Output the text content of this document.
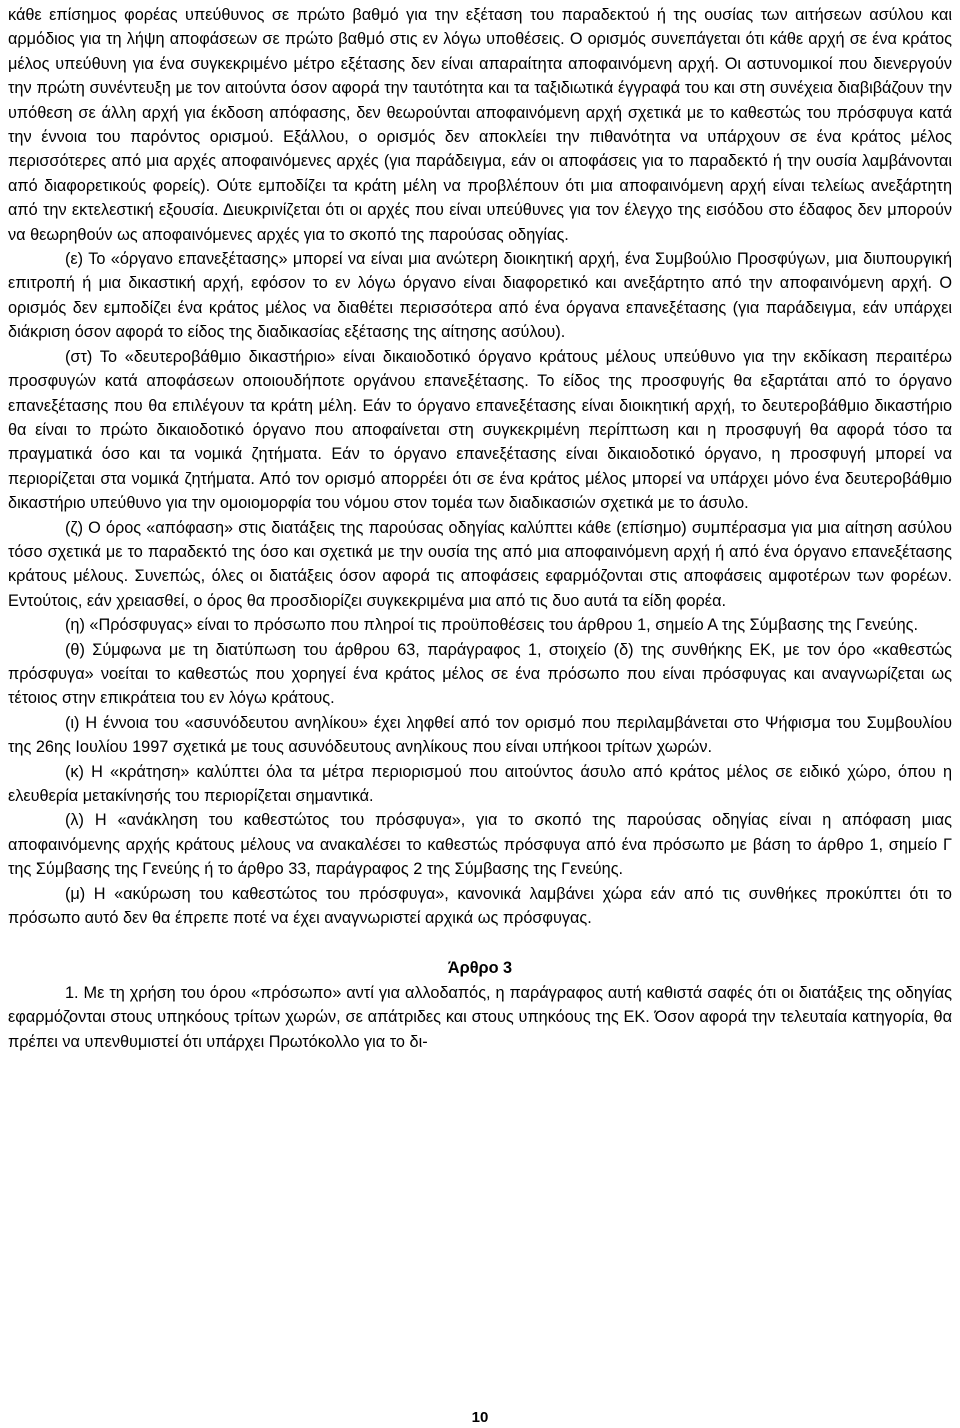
κάθε επίσημος φορέας υπεύθυνος σε πρώτο βαθμό για την εξέταση του παραδεκτού ή της ουσίας των αιτήσεων ασύλου και αρμόδιος για τη λήψη αποφάσεων σε πρώτο βαθμό στις εν λόγω υποθέσεις. Ο ορισμός συνεπάγεται ότι κάθε αρχή σε ένα κράτος μέλος υπεύθυνη για ένα συγκεκριμένο μέτρο εξέτασης δεν είναι απαραίτητα αποφαινόμενη αρχή. Οι αστυνομικοί που διενεργούν την πρώτη συνέντευξη με τον αιτούντα όσον αφορά την ταυτότητα και τα ταξιδιωτικά έγγραφά του και στη συνέχεια διαβιβάζουν την υπόθεση σε άλλη αρχή για έκδοση απόφασης, δεν θεωρούνται αποφαινόμενη αρχή σχετικά με το καθεστώς του πρόσφυγα κατά την έννοια του παρόντος ορισμού. Εξάλλου, ο ορισμός δεν αποκλείει την πιθανότητα να υπάρχουν σε ένα κράτος μέλος περισσότερες από μια αρχές αποφαινόμενες αρχές (για παράδειγμα, εάν οι αποφάσεις για το παραδεκτό ή την ουσία λαμβάνονται από διαφορετικούς φορείς). Ούτε εμποδίζει τα κράτη μέλη να προβλέπουν ότι μια αποφαινόμενη αρχή είναι τελείως ανεξάρτητη από την εκτελεστική εξουσία. Διευκρινίζεται ότι οι αρχές που είναι υπεύθυνες για τον έλεγχο της εισόδου στο έδαφος δεν μπορούν να θεωρηθούν ως αποφαινόμενες αρχές για το σκοπό της παρούσας οδηγίας.

(ε) Το «όργανο επανεξέτασης» μπορεί να είναι μια ανώτερη διοικητική αρχή, ένα Συμβούλιο Προσφύγων, μια διυπουργική επιτροπή ή μια δικαστική αρχή, εφόσον το εν λόγω όργανο είναι διαφορετικό και ανεξάρτητο από την αποφαινόμενη αρχή. Ο ορισμός δεν εμποδίζει ένα κράτος μέλος να διαθέτει περισσότερα από ένα όργανα επανεξέτασης (για παράδειγμα, εάν υπάρχει διάκριση όσον αφορά το είδος της διαδικασίας εξέτασης της αίτησης ασύλου).

(στ) Το «δευτεροβάθμιο δικαστήριο» είναι δικαιοδοτικό όργανο κράτους μέλους υπεύθυνο για την εκδίκαση περαιτέρω προσφυγών κατά αποφάσεων οποιουδήποτε οργάνου επανεξέτασης. Το είδος της προσφυγής θα εξαρτάται από το όργανο επανεξέτασης που θα επιλέγουν τα κράτη μέλη. Εάν το όργανο επανεξέτασης είναι διοικητική αρχή, το δευτεροβάθμιο δικαστήριο θα είναι το πρώτο δικαιοδοτικό όργανο που αποφαίνεται στη συγκεκριμένη περίπτωση και η προσφυγή θα αφορά τόσο τα πραγματικά όσο και τα νομικά ζητήματα. Εάν το όργανο επανεξέτασης είναι δικαιοδοτικό όργανο, η προσφυγή μπορεί να περιορίζεται στα νομικά ζητήματα. Από τον ορισμό απορρέει ότι σε ένα κράτος μέλος μπορεί να υπάρχει μόνο ένα δευτεροβάθμιο δικαστήριο υπεύθυνο για την ομοιομορφία του νόμου στον τομέα των διαδικασιών σχετικά με το άσυλο.

(ζ) Ο όρος «απόφαση» στις διατάξεις της παρούσας οδηγίας καλύπτει κάθε (επίσημο) συμπέρασμα για μια αίτηση ασύλου τόσο σχετικά με το παραδεκτό της όσο και σχετικά με την ουσία της από μια αποφαινόμενη αρχή ή από ένα όργανο επανεξέτασης κράτους μέλους. Συνεπώς, όλες οι διατάξεις όσον αφορά τις αποφάσεις εφαρμόζονται στις αποφάσεις αμφοτέρων των φορέων. Εντούτοις, εάν χρειασθεί, ο όρος θα προσδιορίζει συγκεκριμένα μια από τις δυο αυτά τα είδη φορέα.

(η) «Πρόσφυγας» είναι το πρόσωπο που πληροί τις προϋποθέσεις του άρθρου 1, σημείο Α της Σύμβασης της Γενεύης.

(θ) Σύμφωνα με τη διατύπωση του άρθρου 63, παράγραφος 1, στοιχείο (δ) της συνθήκης ΕΚ, με τον όρο «καθεστώς πρόσφυγα» νοείται το καθεστώς που χορηγεί ένα κράτος μέλος σε ένα πρόσωπο που είναι πρόσφυγας και αναγνωρίζεται ως τέτοιος στην επικράτεια του εν λόγω κράτους.

(ι) Η έννοια του «ασυνόδευτου ανηλίκου» έχει ληφθεί από τον ορισμό που περιλαμβάνεται στο Ψήφισμα του Συμβουλίου της 26ης Ιουλίου 1997 σχετικά με τους ασυνόδευτους ανηλίκους που είναι υπήκοοι τρίτων χωρών.

(κ) Η «κράτηση» καλύπτει όλα τα μέτρα περιορισμού που αιτούντος άσυλο από κράτος μέλος σε ειδικό χώρο, όπου η ελευθερία μετακίνησής του περιορίζεται σημαντικά.

(λ) Η «ανάκληση του καθεστώτος του πρόσφυγα», για το σκοπό της παρούσας οδηγίας είναι η απόφαση μιας αποφαινόμενης αρχής κράτους μέλους να ανακαλέσει το καθεστώς πρόσφυγα από ένα πρόσωπο με βάση το άρθρο 1, σημείο Γ της Σύμβασης της Γενεύης ή το άρθρο 33, παράγραφος 2 της Σύμβασης της Γενεύης.

(μ) Η «ακύρωση του καθεστώτος του πρόσφυγα», κανονικά λαμβάνει χώρα εάν από τις συνθήκες προκύπτει ότι το πρόσωπο αυτό δεν θα έπρεπε ποτέ να έχει αναγνωριστεί αρχικά ως πρόσφυγας.

Άρθρο 3

1. Με τη χρήση του όρου «πρόσωπο» αντί για αλλοδαπός, η παράγραφος αυτή καθιστά σαφές ότι οι διατάξεις της οδηγίας εφαρμόζονται στους υπηκόους τρίτων χωρών, σε απάτριδες και στους υπηκόους της ΕΚ. Όσον αφορά την τελευταία κατηγορία, θα πρέπει να υπενθυμιστεί ότι υπάρχει Πρωτόκολλο για το δι-

10
